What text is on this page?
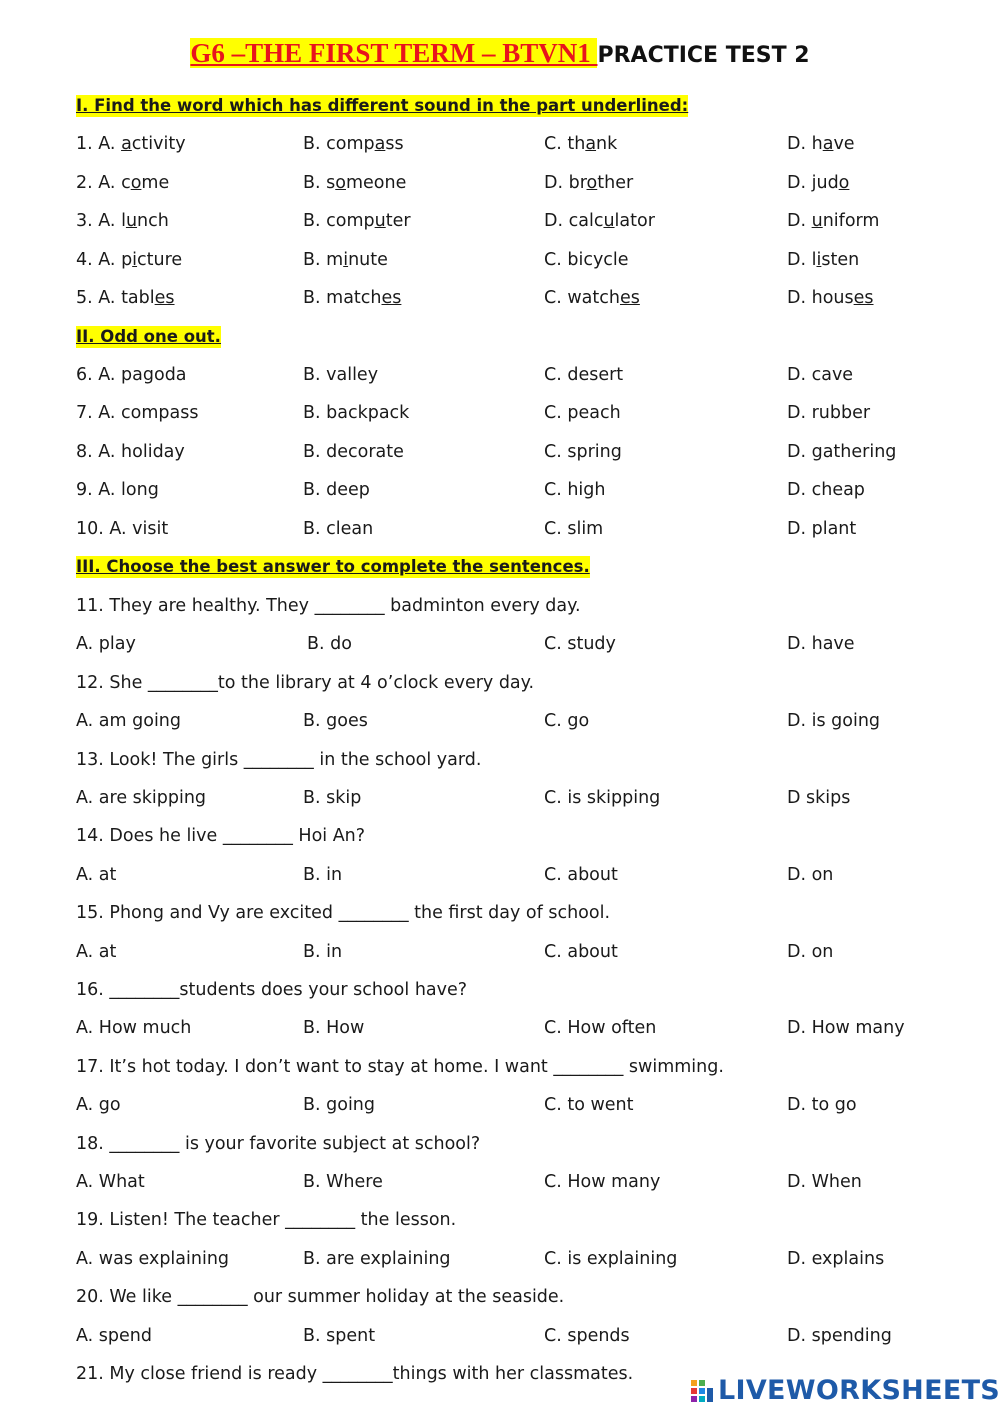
G6 –THE FIRST TERM – BTVN1 PRACTICE TEST 2
I. Find the word which has different sound in the part underlined:
1. A. activity	B. compass	C. thank	D. have
2. A. come	B. someone	D. brother	D. judo
3. A. lunch	B. computer	D. calculator	D. uniform
4. A. picture	B. minute	C. bicycle	D. listen
5. A. tables	B. matches	C. watches	D. houses
II. Odd one out.
6. A. pagoda	B. valley	C. desert	D. cave
7. A. compass	B. backpack	C. peach	D. rubber
8. A. holiday	B. decorate	C. spring	D. gathering
9. A. long	B. deep	C. high	D. cheap
10. A. visit	B. clean	C. slim	D. plant
III. Choose the best answer to complete the sentences.
11. They are healthy. They ________ badminton every day.
A. play	B. do	C. study	D. have
12. She ________to the library at 4 o’clock every day.
A. am going	B. goes	C. go	D. is going
13. Look! The girls ________ in the school yard.
A. are skipping	B. skip	C. is skipping	D skips
14. Does he live ________ Hoi An?
A. at	B. in	C. about	D. on
15. Phong and Vy are excited ________ the first day of school.
A. at	B. in	C. about	D. on
16. ________students does your school have?
A. How much	B. How	C. How often	D. How many
17. It’s hot today. I don’t want to stay at home. I want ________ swimming.
A. go	B. going	C. to went	D. to go
18. ________ is your favorite subject at school?
A. What	B. Where	C. How many	D. When
19. Listen! The teacher ________ the lesson.
A. was explaining	B. are explaining	C. is explaining	D. explains
20. We like ________ our summer holiday at the seaside.
A. spend	B. spent	C. spends	D. spending
21. My close friend is ready ________things with her classmates.
LIVEWORKSHEETS
